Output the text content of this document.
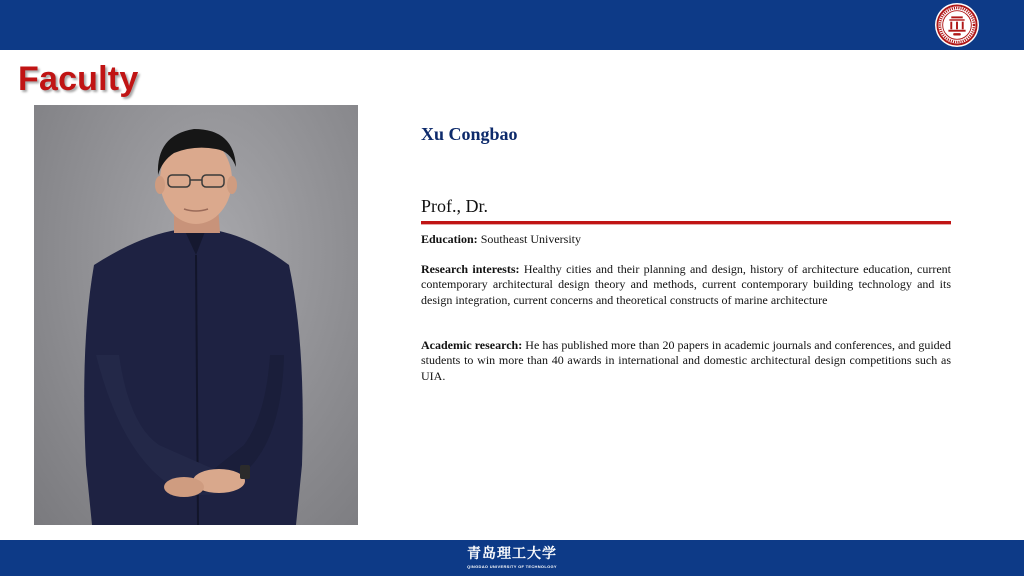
Faculty
Xu Congbao

Prof., Dr.

Education: Southeast University

Research interests: Healthy cities and their planning and design, history of architecture education, current contemporary architectural design theory and methods, current contemporary building technology and its design integration, current concerns and theoretical constructs of marine architecture

Academic research: He has published more than 20 papers in academic journals and conferences, and guided students to win more than 40 awards in international and domestic architectural design competitions such as UIA.

青岛理工大学
QINGDAO UNIVERSITY OF TECHNOLOGY
